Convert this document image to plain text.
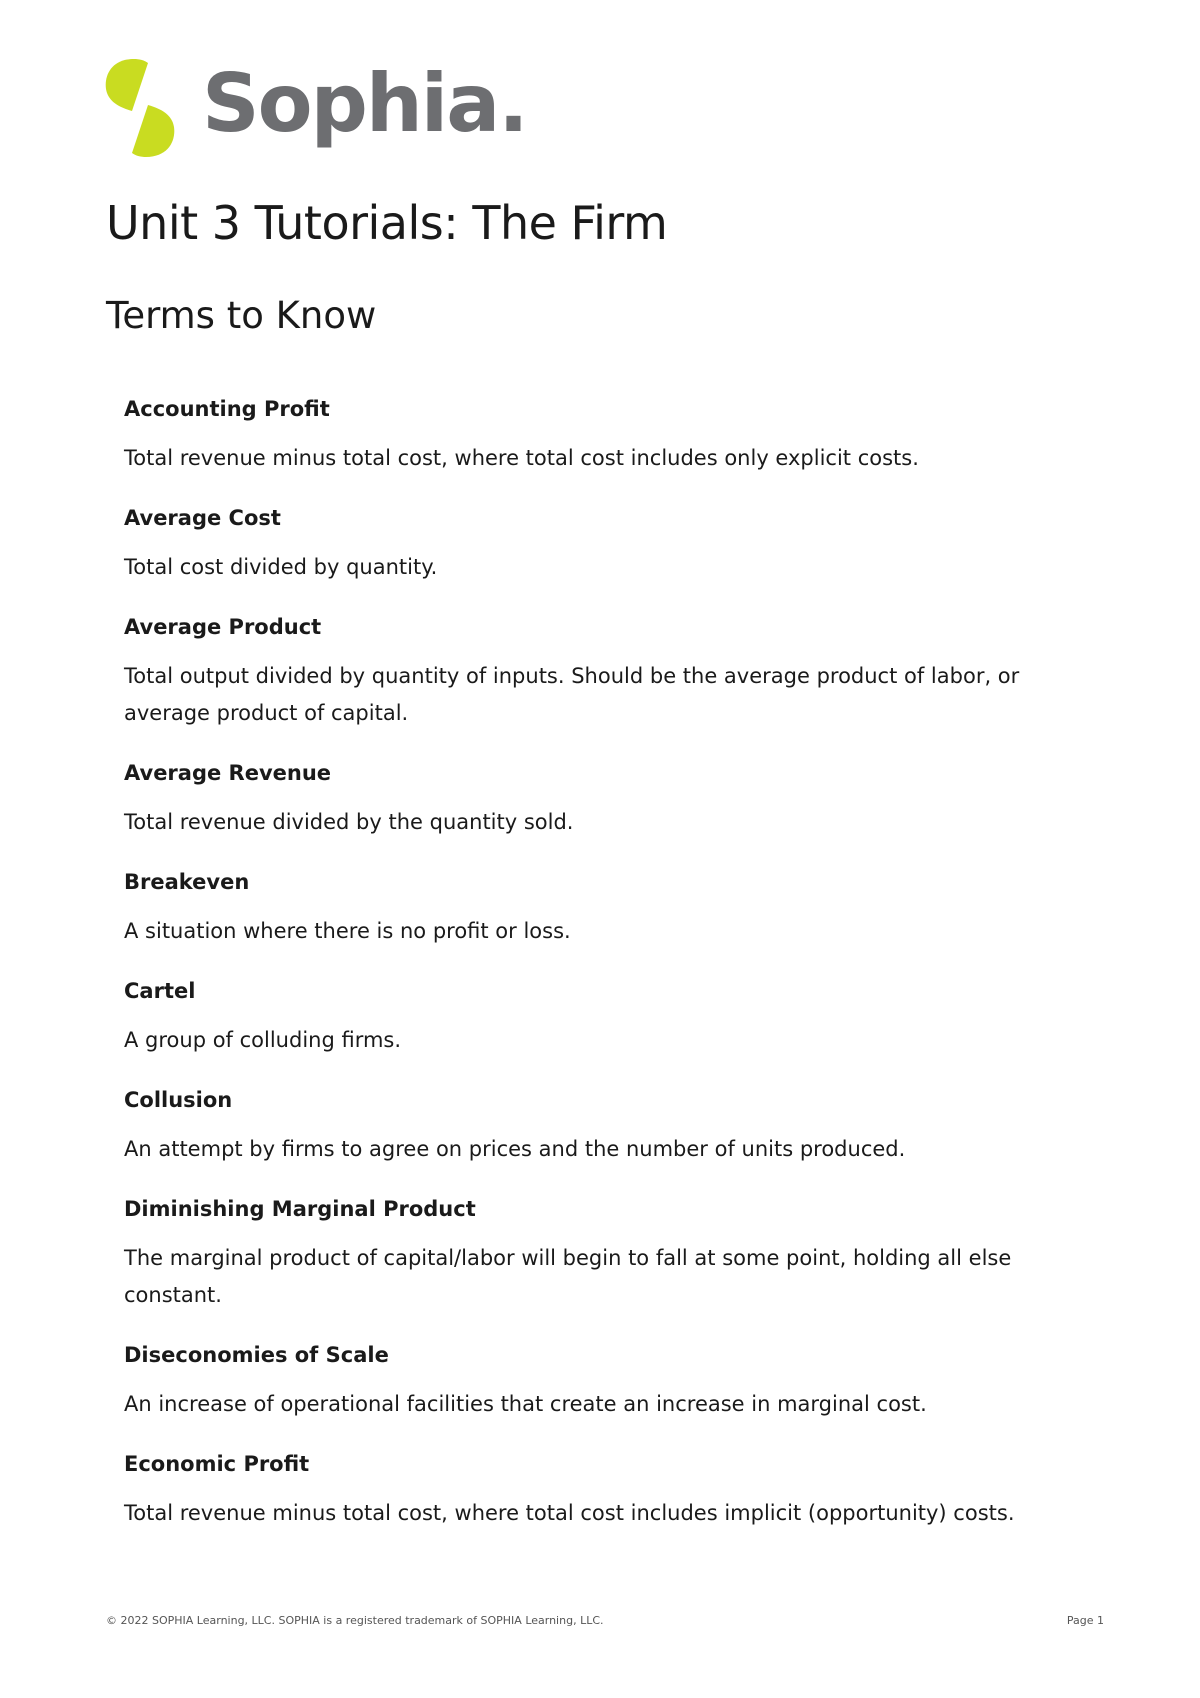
Sophia.
Unit 3 Tutorials: The Firm
Terms to Know

Accounting Profit

Total revenue minus total cost, where total cost includes only explicit costs.

Average Cost

Total cost divided by quantity.

Average Product

Total output divided by quantity of inputs. Should be the average product of labor, or average product of capital.

Average Revenue

Total revenue divided by the quantity sold.

Breakeven

A situation where there is no profit or loss.

Cartel

A group of colluding firms.

Collusion

An attempt by firms to agree on prices and the number of units produced.

Diminishing Marginal Product

The marginal product of capital/labor will begin to fall at some point, holding all else constant.

Diseconomies of Scale

An increase of operational facilities that create an increase in marginal cost.

Economic Profit

Total revenue minus total cost, where total cost includes implicit (opportunity) costs.

© 2022 SOPHIA Learning, LLC. SOPHIA is a registered trademark of SOPHIA Learning, LLC.	Page 1
